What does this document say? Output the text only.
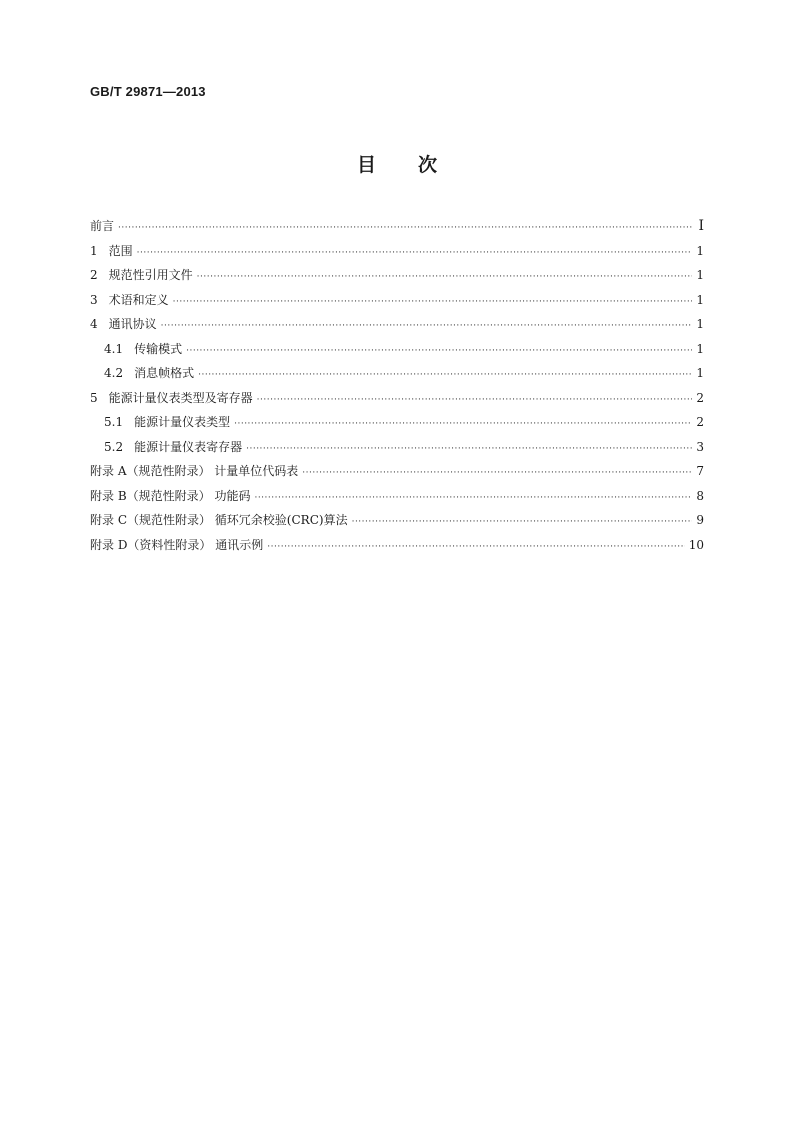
GB/T 29871—2013
目 次
前言 ·····	Ⅰ
1 范围 ·····	1
2 规范性引用文件 ·····	1
3 术语和定义 ·····	1
4 通讯协议 ·····	1
4.1 传输模式 ·····	1
4.2 消息帧格式 ·····	1
5 能源计量仪表类型及寄存器 ·····	2
5.1 能源计量仪表类型 ·····	2
5.2 能源计量仪表寄存器 ·····	3
附录 A（规范性附录） 计量单位代码表 ·····	7
附录 B（规范性附录） 功能码 ·····	8
附录 C（规范性附录） 循环冗余校验(CRC)算法 ·····	9
附录 D（资料性附录） 通讯示例 ·····	10
